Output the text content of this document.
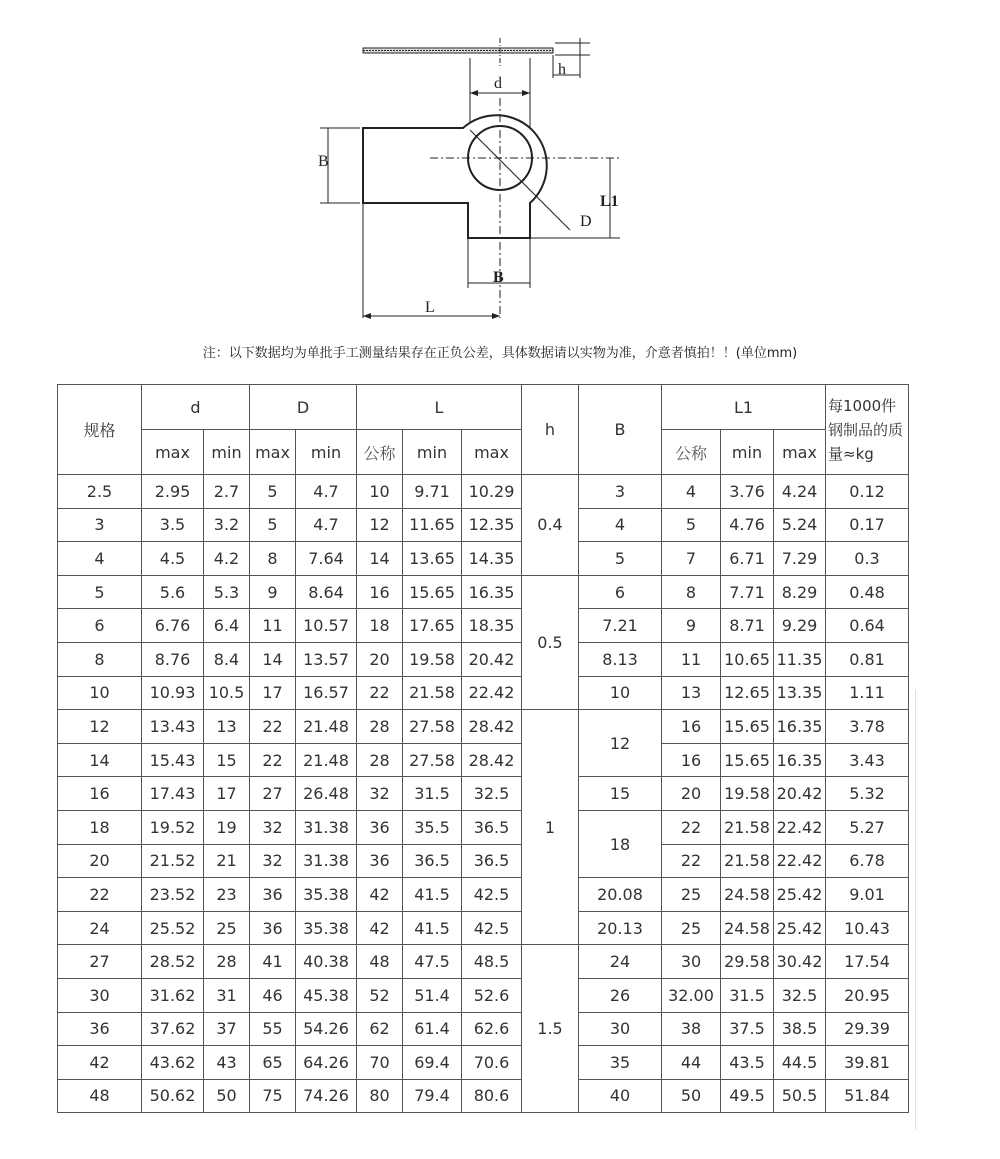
h
d
D
B
L1
B
L
注：以下数据均为单批手工测量结果存在正负公差，具体数据请以实物为准，介意者慎拍！！(单位mm)
规格	d		D		L			h	B	L1			每1000件钢制品的质量≈kg
	max	min	max	min	公称	min	max			公称	min	max	
2.5	2.95	2.7	5	4.7	10	9.71	10.29	0.4	3	4	3.76	4.24	0.12
3	3.5	3.2	5	4.7	12	11.65	12.35		4	5	4.76	5.24	0.17
4	4.5	4.2	8	7.64	14	13.65	14.35		5	7	6.71	7.29	0.3
5	5.6	5.3	9	8.64	16	15.65	16.35	0.5	6	8	7.71	8.29	0.48
6	6.76	6.4	11	10.57	18	17.65	18.35		7.21	9	8.71	9.29	0.64
8	8.76	8.4	14	13.57	20	19.58	20.42		8.13	11	10.65	11.35	0.81
10	10.93	10.5	17	16.57	22	21.58	22.42		10	13	12.65	13.35	1.11
12	13.43	13	22	21.48	28	27.58	28.42	1	12	16	15.65	16.35	3.78
14	15.43	15	22	21.48	28	27.58	28.42			16	15.65	16.35	3.43
16	17.43	17	27	26.48	32	31.5	32.5		15	20	19.58	20.42	5.32
18	19.52	19	32	31.38	36	35.5	36.5		18	22	21.58	22.42	5.27
20	21.52	21	32	31.38	36	36.5	36.5			22	21.58	22.42	6.78
22	23.52	23	36	35.38	42	41.5	42.5		20.08	25	24.58	25.42	9.01
24	25.52	25	36	35.38	42	41.5	42.5		20.13	25	24.58	25.42	10.43
27	28.52	28	41	40.38	48	47.5	48.5	1.5	24	30	29.58	30.42	17.54
30	31.62	31	46	45.38	52	51.4	52.6		26	32.00	31.5	32.5	20.95
36	37.62	37	55	54.26	62	61.4	62.6		30	38	37.5	38.5	29.39
42	43.62	43	65	64.26	70	69.4	70.6		35	44	43.5	44.5	39.81
48	50.62	50	75	74.26	80	79.4	80.6		40	50	49.5	50.5	51.84
